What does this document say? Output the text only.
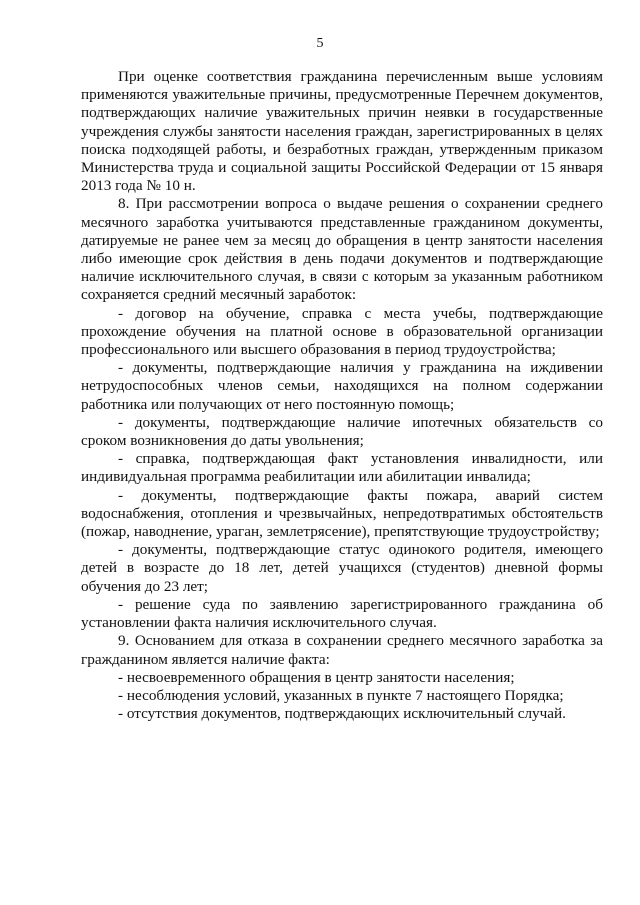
5

При оценке соответствия гражданина перечисленным выше условиям применяются уважительные причины, предусмотренные Перечнем документов, подтверждающих наличие уважительных причин неявки в государственные учреждения службы занятости населения граждан, зарегистрированных в целях поиска подходящей работы, и безработных граждан, утвержденным приказом Министерства труда и социальной защиты Российской Федерации от 15 января 2013 года № 10 н.

8. При рассмотрении вопроса о выдаче решения о сохранении среднего месячного заработка учитываются представленные гражданином документы, датируемые не ранее чем за месяц до обращения в центр занятости населения либо имеющие срок действия в день подачи документов и подтверждающие наличие исключительного случая, в связи с которым за указанным работником сохраняется средний месячный заработок:

- договор на обучение, справка с места учебы, подтверждающие прохождение обучения на платной основе в образовательной организации профессионального или высшего образования в период трудоустройства;

- документы, подтверждающие наличия у гражданина на иждивении нетрудоспособных членов семьи, находящихся на полном содержании работника или получающих от него постоянную помощь;

- документы, подтверждающие наличие ипотечных обязательств со сроком возникновения до даты увольнения;

- справка, подтверждающая факт установления инвалидности, или индивидуальная программа реабилитации или абилитации инвалида;

- документы, подтверждающие факты пожара, аварий систем водоснабжения, отопления и чрезвычайных, непредотвратимых обстоятельств (пожар, наводнение, ураган, землетрясение), препятствующие трудоустройству;

- документы, подтверждающие статус одинокого родителя, имеющего детей в возрасте до 18 лет, детей учащихся (студентов) дневной формы обучения до 23 лет;

- решение суда по заявлению зарегистрированного гражданина об установлении факта наличия исключительного случая.

9. Основанием для отказа в сохранении среднего месячного заработка за гражданином является наличие факта:

- несвоевременного обращения в центр занятости населения;

- несоблюдения условий, указанных в пункте 7 настоящего Порядка;

- отсутствия документов, подтверждающих исключительный случай.
